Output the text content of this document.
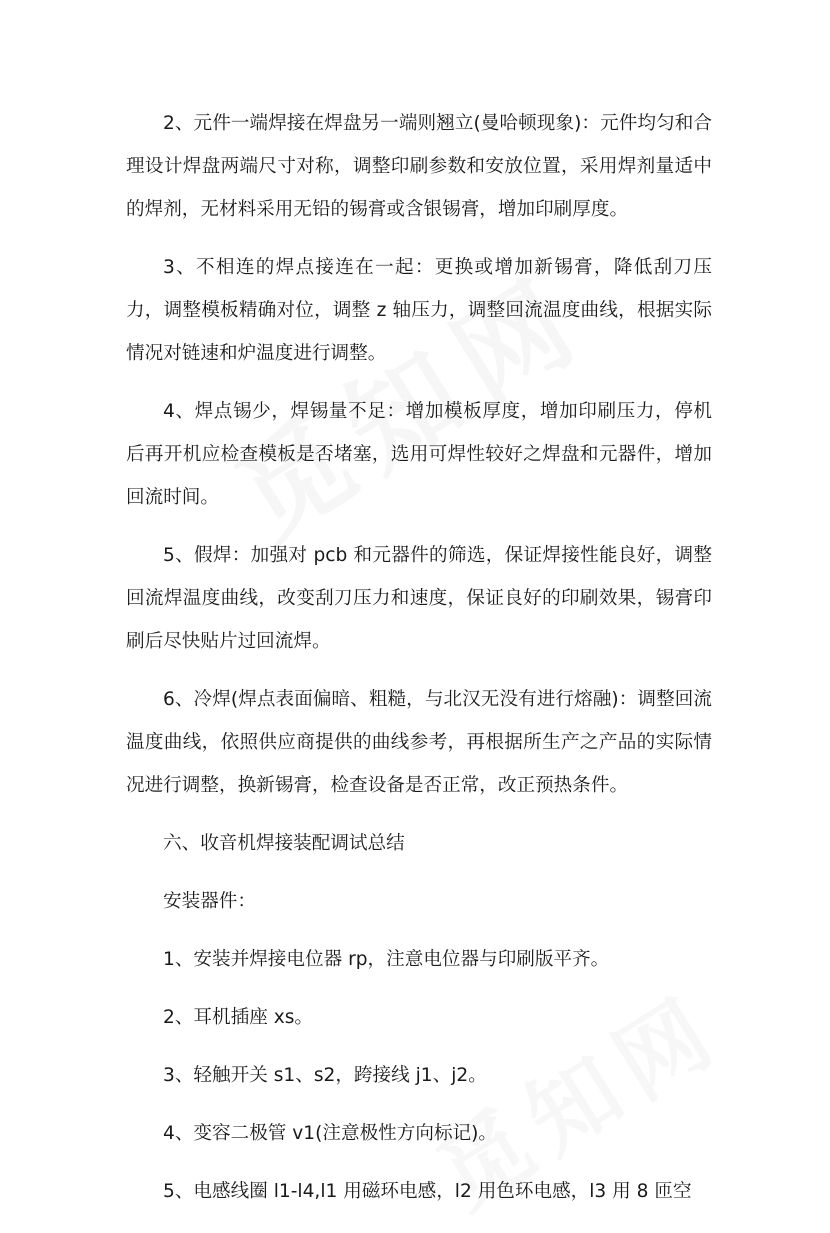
2、元件一端焊接在焊盘另一端则翘立(曼哈顿现象)：元件均匀和合理设计焊盘两端尺寸对称，调整印刷参数和安放位置，采用焊剂量适中的焊剂，无材料采用无铅的锡膏或含银锡膏，增加印刷厚度。

3、不相连的焊点接连在一起：更换或增加新锡膏，降低刮刀压力，调整模板精确对位，调整 z 轴压力，调整回流温度曲线，根据实际情况对链速和炉温度进行调整。

4、焊点锡少，焊锡量不足：增加模板厚度，增加印刷压力，停机后再开机应检查模板是否堵塞，选用可焊性较好之焊盘和元器件，增加回流时间。

5、假焊：加强对 pcb 和元器件的筛选，保证焊接性能良好，调整回流焊温度曲线，改变刮刀压力和速度，保证良好的印刷效果，锡膏印刷后尽快贴片过回流焊。

6、冷焊(焊点表面偏暗、粗糙，与北汉无没有进行熔融)：调整回流温度曲线，依照供应商提供的曲线参考，再根据所生产之产品的实际情况进行调整，换新锡膏，检查设备是否正常，改正预热条件。

六、收音机焊接装配调试总结

安装器件：

1、安装并焊接电位器 rp，注意电位器与印刷版平齐。

2、耳机插座 xs。

3、轻触开关 s1、s2，跨接线 j1、j2。

4、变容二极管 v1(注意极性方向标记)。

5、电感线圈 l1-l4,l1 用磁环电感，l2 用色环电感，l3 用 8 匝空
